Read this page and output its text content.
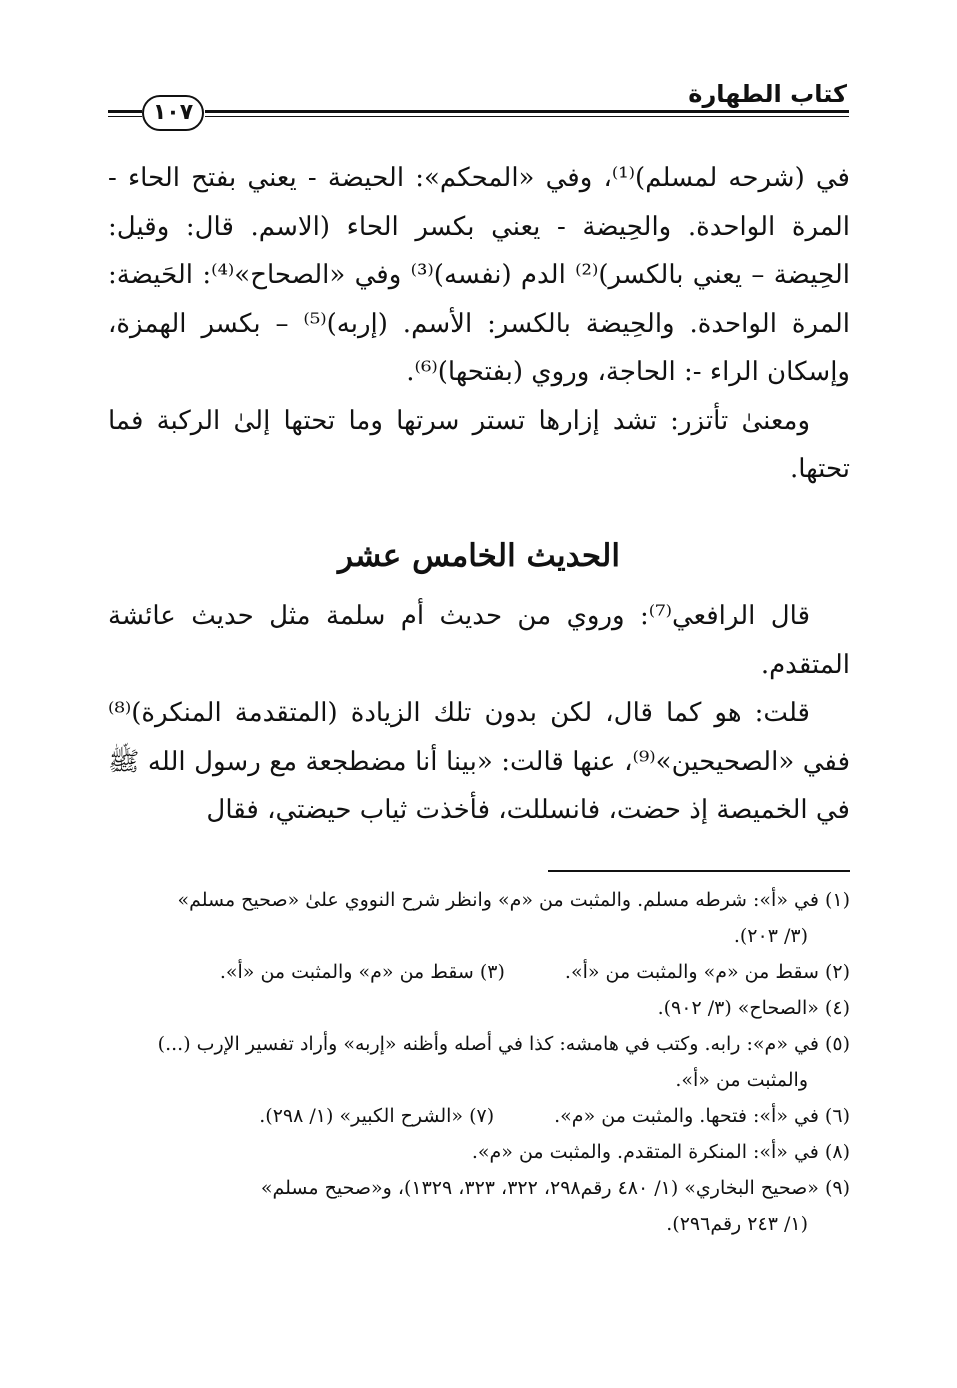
كتاب الطهارة
١٠٧

في (شرحه لمسلم)⁽¹⁾، وفي «المحكم»: الحيضة - يعني بفتح الحاء - المرة الواحدة. والحِيضة - يعني بكسر الحاء (الاسم. قال: وقيل: الحِيضة – يعني بالكسر)⁽²⁾ الدم (نفسه)⁽³⁾ وفي «الصحاح»⁽⁴⁾: الحَيضة: المرة الواحدة. والحِيضة بالكسر: الأسم. (إربه)⁽⁵⁾ – بكسر الهمزة، وإسكان الراء -: الحاجة، وروي (بفتحها)⁽⁶⁾.

ومعنىٰ تأتزر: تشد إزارها تستر سرتها وما تحتها إلىٰ الركبة فما تحتها.

الحديث الخامس عشر

قال الرافعي⁽⁷⁾: وروي من حديث أم سلمة مثل حديث عائشة المتقدم.

قلت: هو كما قال، لكن بدون تلك الزيادة (المتقدمة المنكرة)⁽⁸⁾ ففي «الصحيحين»⁽⁹⁾، عنها قالت: «بينا أنا مضطجعة مع رسول الله ﷺ في الخميصة إذ حضت، فانسللت، فأخذت ثياب حيضتي، فقال

(١) في «أ»: شرطه مسلم. والمثبت من «م» وانظر شرح النووي علىٰ «صحيح مسلم»
(٣/ ٢٠٣).

(٢) سقط من «م» والمثبت من «أ».
(٣) سقط من «م» والمثبت من «أ».

(٤) «الصحاح» (٣/ ٩٠٢).

(٥) في «م»: رابه. وكتب في هامشه: كذا في أصله وأظنه «إربه» وأراد تفسير الإرب (...)
والمثبت من «أ».

(٦) في «أ»: فتحها. والمثبت من «م».
(٧) «الشرح الكبير» (١/ ٢٩٨).

(٨) في «أ»: المنكرة المتقدم. والمثبت من «م».

(٩) «صحيح البخاري» (١/ ٤٨٠ رقم٢٩٨، ٣٢٢، ٣٢٣، ١٣٢٩)، و«صحيح مسلم»
(١/ ٢٤٣ رقم٢٩٦).
